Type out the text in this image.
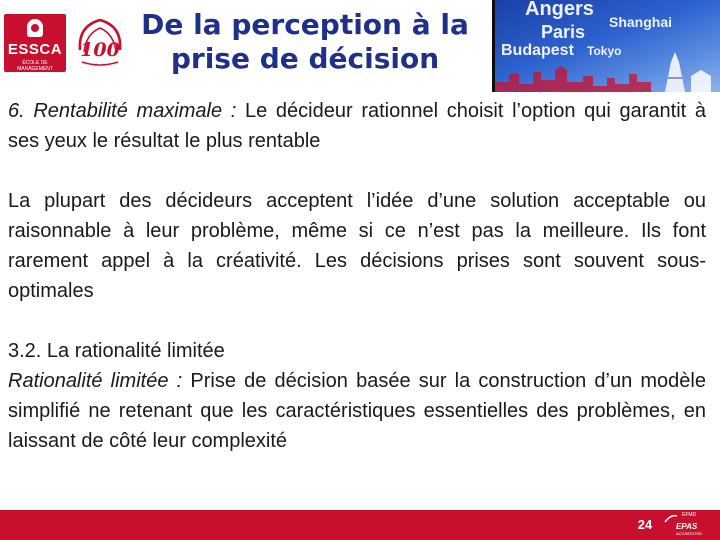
ESSCA
ÉCOLE DE MANAGEMENT
100
De la perception à la prise de décision
Angers
Shanghai
Paris
Budapest Tokyo

6. Rentabilité maximale : Le décideur rationnel choisit l’option qui garantit à ses yeux le résultat le plus rentable

La plupart des décideurs acceptent l’idée d’une solution acceptable ou raisonnable à leur problème, même si ce n’est pas la meilleure. Ils font rarement appel à la créativité. Les décisions prises sont souvent sous-optimales

3.2. La rationalité limitée

Rationalité limitée : Prise de décision basée sur la construction d’un modèle simplifié ne retenant que les caractéristiques essentielles des problèmes, en laissant de côté leur complexité

24
EFMD
EPAS
ACCREDITED
